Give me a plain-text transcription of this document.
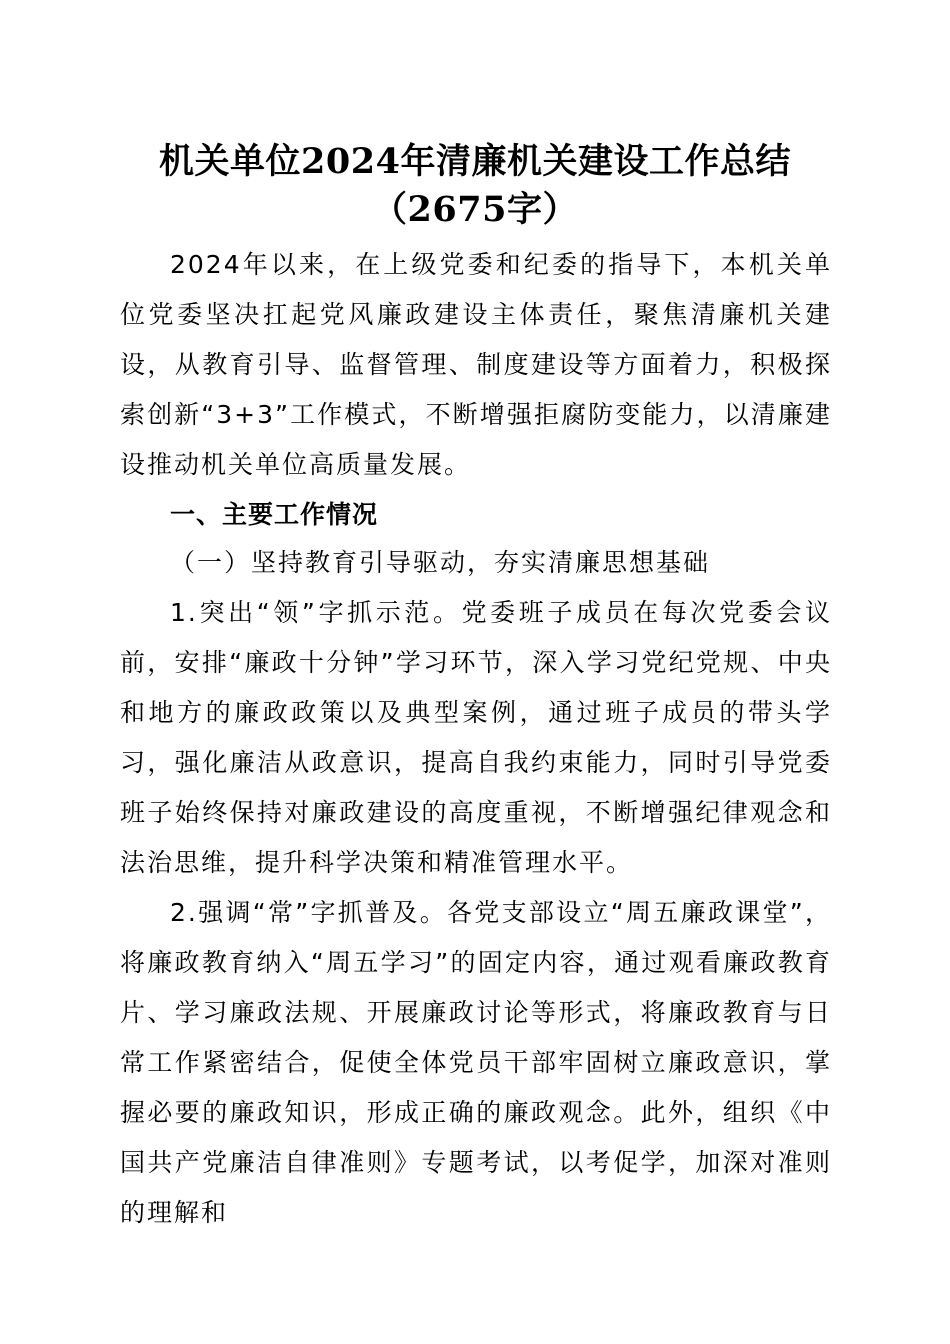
机关单位2024年清廉机关建设工作总结
（2675字）

2024年以来，在上级党委和纪委的指导下，本机关单位党委坚决扛起党风廉政建设主体责任，聚焦清廉机关建设，从教育引导、监督管理、制度建设等方面着力，积极探索创新“3+3”工作模式，不断增强拒腐防变能力，以清廉建设推动机关单位高质量发展。

一、主要工作情况

（一）坚持教育引导驱动，夯实清廉思想基础

1.突出“领”字抓示范。党委班子成员在每次党委会议前，安排“廉政十分钟”学习环节，深入学习党纪党规、中央和地方的廉政政策以及典型案例，通过班子成员的带头学习，强化廉洁从政意识，提高自我约束能力，同时引导党委班子始终保持对廉政建设的高度重视，不断增强纪律观念和法治思维，提升科学决策和精准管理水平。

2.强调“常”字抓普及。各党支部设立“周五廉政课堂”，将廉政教育纳入“周五学习”的固定内容，通过观看廉政教育片、学习廉政法规、开展廉政讨论等形式，将廉政教育与日常工作紧密结合，促使全体党员干部牢固树立廉政意识，掌握必要的廉政知识，形成正确的廉政观念。此外，组织《中国共产党廉洁自律准则》专题考试，以考促学，加深对准则的理解和
